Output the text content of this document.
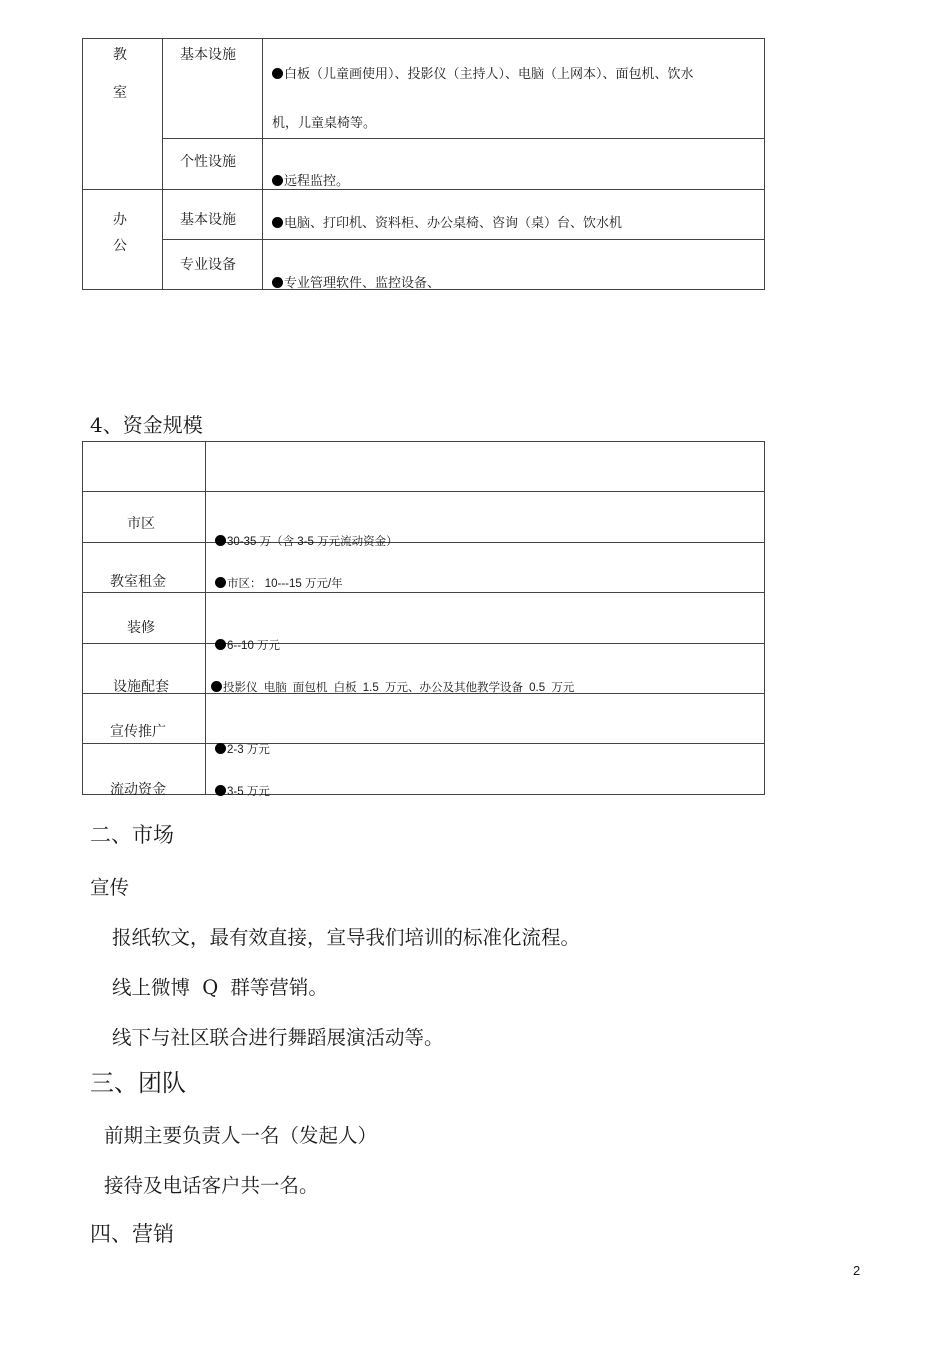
教
室
基本设施
白板（儿童画使用）、投影仪（主持人）、电脑（上网本）、面包机、饮水
机，儿童桌椅等。
个性设施
远程监控。
办
公
基本设施	电脑、打印机、资料柜、办公桌椅、咨询（桌）台、饮水机
专业设备
专业管理软件、监控设备、
4、资金规模
市区
教室租金
装修
设施配套
宣传推广
流动资金
30-35 万（含 3-5 万元流动资金）
市区： 10---15 万元/年
6--10 万元
投影仪 电脑 面包机 白板 1.5 万元、办公及其他教学设备 0.5 万元
2-3 万元
3-5 万元
二、市场
宣传
报纸软文，最有效直接，宣导我们培训的标准化流程。
线上微博 Q 群等营销。
线下与社区联合进行舞蹈展演活动等。
三、团队
前期主要负责人一名（发起人）
接待及电话客户共一名。
四、营销
2
